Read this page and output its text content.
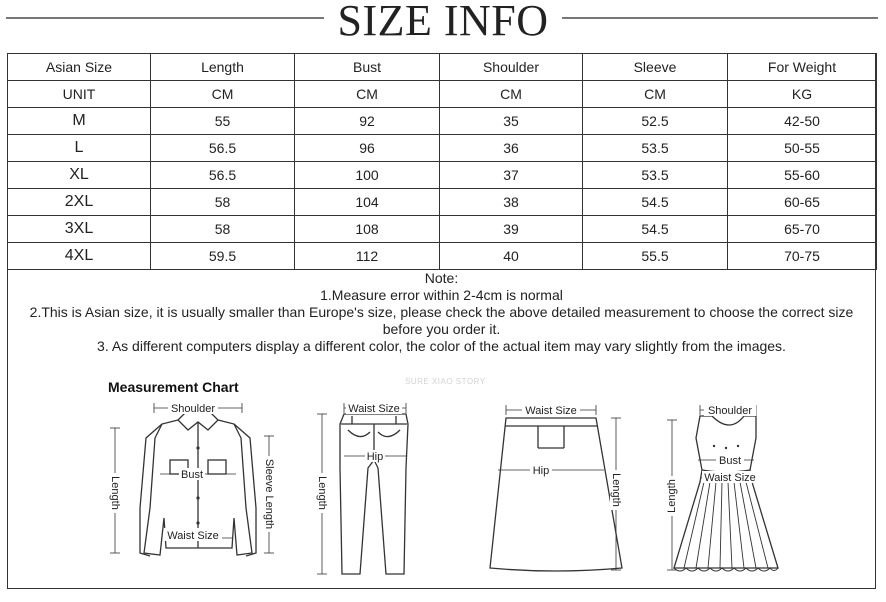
SIZE INFO
Asian Size	Length	Bust	Shoulder	Sleeve	For Weight
UNIT	CM	CM	CM	CM	KG
M	55	92	35	52.5	42-50
L	56.5	96	36	53.5	50-55
XL	56.5	100	37	53.5	55-60
2XL	58	104	38	54.5	60-65
3XL	58	108	39	54.5	65-70
4XL	59.5	112	40	55.5	70-75
Note:
1.Measure error within 2-4cm is normal
2.This is Asian size, it is usually smaller than Europe's size, please check the above detailed measurement to choose the correct size
before you order it.
3. As different computers display a different color, the color of the actual item may vary slightly from the images.
Measurement Chart	SURE XIAO STORY
Shoulder
Bust
Waist Size
Length	Sleeve Length
Waist Size
Hip
Length
Waist Size
Hip
Length
Shoulder
Bust
Waist Size
Length
